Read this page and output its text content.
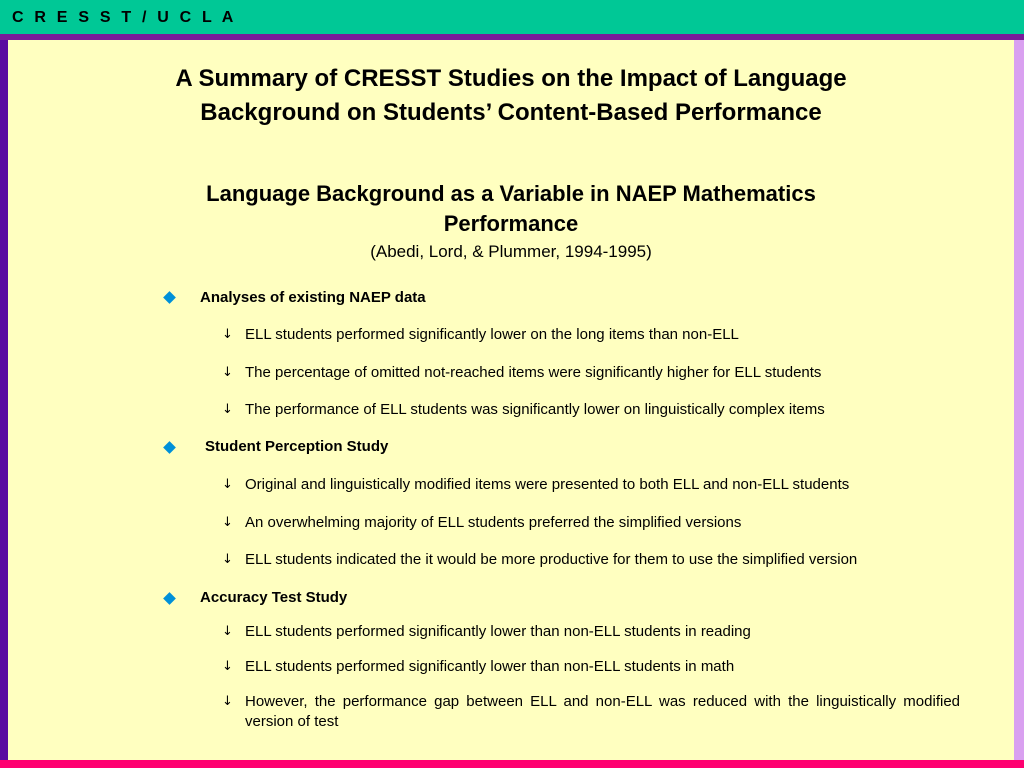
C R E S S T / U C L A
A Summary of CRESST Studies on the Impact of Language
Background on Students’ Content-Based Performance
Language Background as a Variable in NAEP Mathematics
Performance
(Abedi, Lord, & Plummer, 1994-1995)
Analyses of existing NAEP data
↓ ELL students performed significantly lower on the long items than non-ELL
↓ The percentage of omitted not-reached items were significantly higher for ELL students
↓ The performance of ELL students was significantly lower on linguistically complex items
Student Perception Study
↓ Original and linguistically modified items were presented to both ELL and non-ELL students
↓ An overwhelming majority of ELL students preferred the simplified versions
↓ ELL students indicated the it would be more productive for them to use the simplified version
Accuracy Test Study
↓ ELL students performed significantly lower than non-ELL students in reading
↓ ELL students performed significantly lower than non-ELL students in math
↓ However, the performance gap between ELL and non-ELL was reduced with the linguistically modified version of test
